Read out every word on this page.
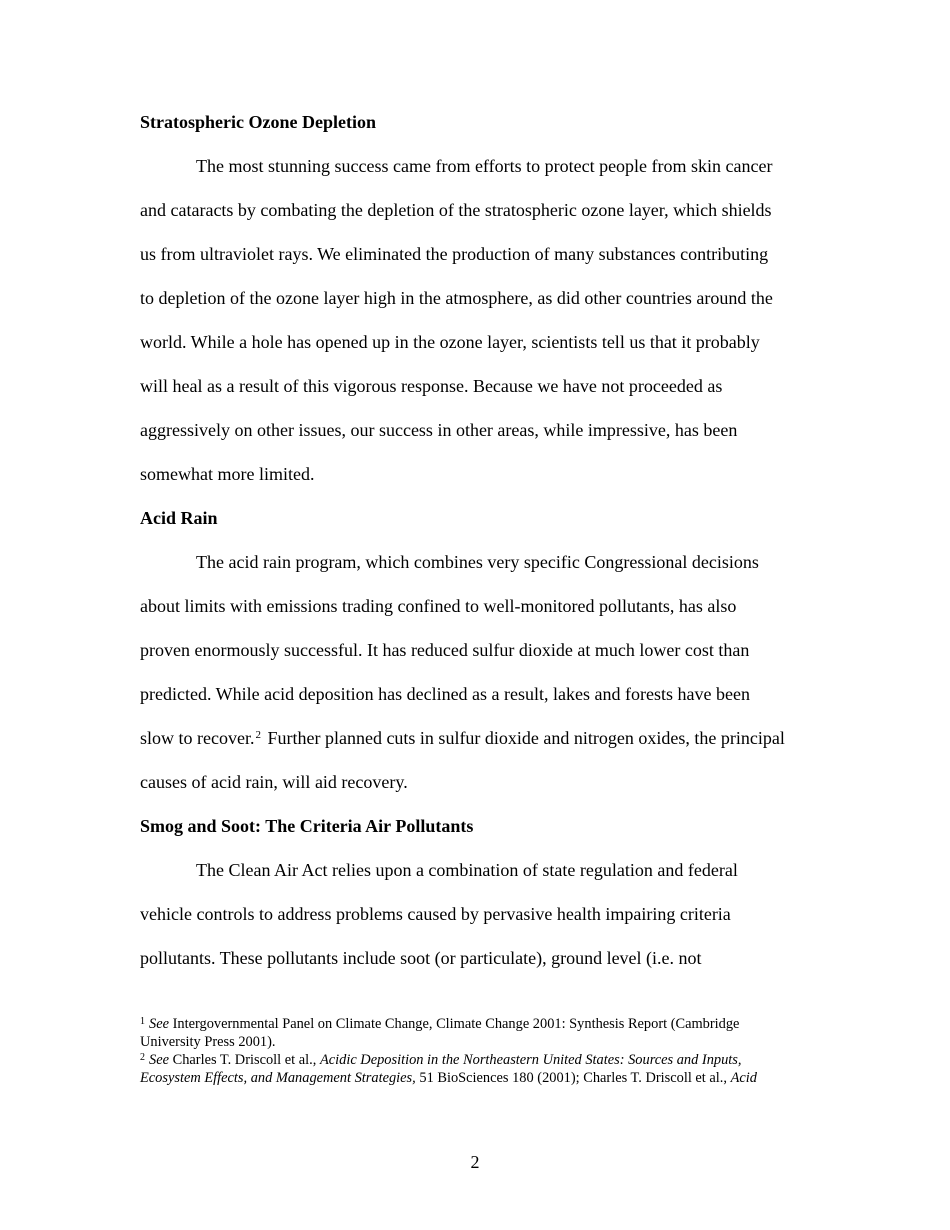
Stratospheric Ozone Depletion

The most stunning success came from efforts to protect people from skin cancer

and cataracts by combating the depletion of the stratospheric ozone layer, which shields

us from ultraviolet rays. We eliminated the production of many substances contributing

to depletion of the ozone layer high in the atmosphere, as did other countries around the

world. While a hole has opened up in the ozone layer, scientists tell us that it probably

will heal as a result of this vigorous response. Because we have not proceeded as

aggressively on other issues, our success in other areas, while impressive, has been

somewhat more limited.

Acid Rain

The acid rain program, which combines very specific Congressional decisions

about limits with emissions trading confined to well-monitored pollutants, has also

proven enormously successful. It has reduced sulfur dioxide at much lower cost than

predicted. While acid deposition has declined as a result, lakes and forests have been

slow to recover.$^2$ Further planned cuts in sulfur dioxide and nitrogen oxides, the principal

causes of acid rain, will aid recovery.

Smog and Soot: The Criteria Air Pollutants

The Clean Air Act relies upon a combination of state regulation and federal

vehicle controls to address problems caused by pervasive health impairing criteria

pollutants. These pollutants include soot (or particulate), ground level (i.e. not

$^1$ See Intergovernmental Panel on Climate Change, Climate Change 2001: Synthesis Report (Cambridge

University Press 2001).

$^2$ See Charles T. Driscoll et al., Acidic Deposition in the Northeastern United States: Sources and Inputs,

Ecosystem Effects, and Management Strategies, 51 BioSciences 180 (2001); Charles T. Driscoll et al., Acid

2
